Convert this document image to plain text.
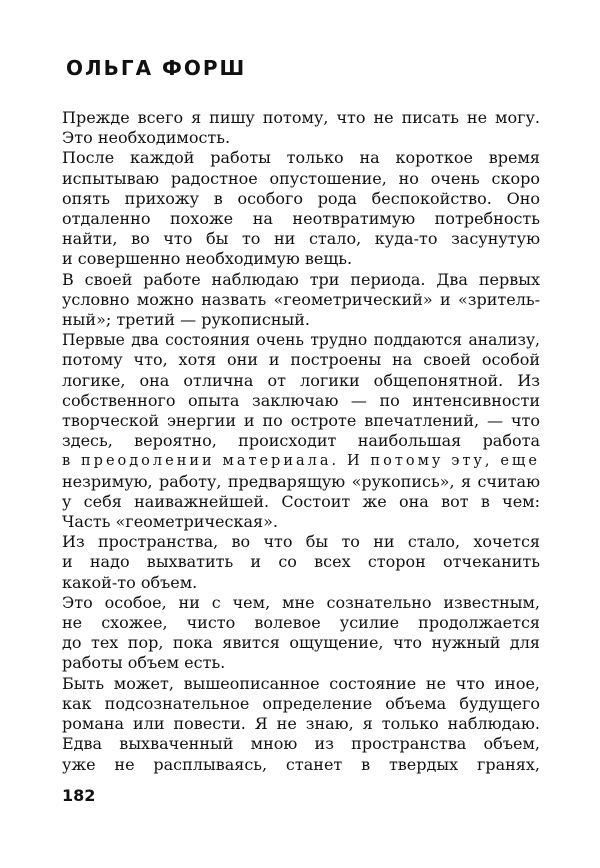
ОЛЬГА ФОРШ
Прежде всего я пишу потому, что не писать не могу.
Это необходимость.
После каждой работы только на короткое время
испытываю радостное опустошение, но очень скоро
опять прихожу в особого рода беспокойство. Оно
отдаленно похоже на неотвратимую потребность
найти, во что бы то ни стало, куда-то засунутую
и совершенно необходимую вещь.
В своей работе наблюдаю три периода. Два первых
условно можно назвать «геометрический» и «зритель-
ный»; третий — рукописный.
Первые два состояния очень трудно поддаются анализу,
потому что, хотя они и построены на своей особой
логике, она отлична от логики общепонятной. Из
собственного опыта заключаю — по интенсивности
творческой энергии и по остроте впечатлений, — что
здесь, вероятно, происходит наибольшая работа
в преодолении материала. И потому эту, еще
незримую, работу, предварящую «рукопись», я считаю
у себя наиважнейшей. Состоит же она вот в чем:
Часть «геометрическая».
Из пространства, во что бы то ни стало, хочется
и надо выхватить и со всех сторон отчеканить
какой-то объем.
Это особое, ни с чем, мне сознательно известным,
не схожее, чисто волевое усилие продолжается
до тех пор, пока явится ощущение, что нужный для
работы объем есть.
Быть может, вышеописанное состояние не что иное,
как подсознательное определение объема будущего
романа или повести. Я не знаю, я только наблюдаю.
Едва выхваченный мною из пространства объем,
уже не расплываясь, станет в твердых гранях,

182
